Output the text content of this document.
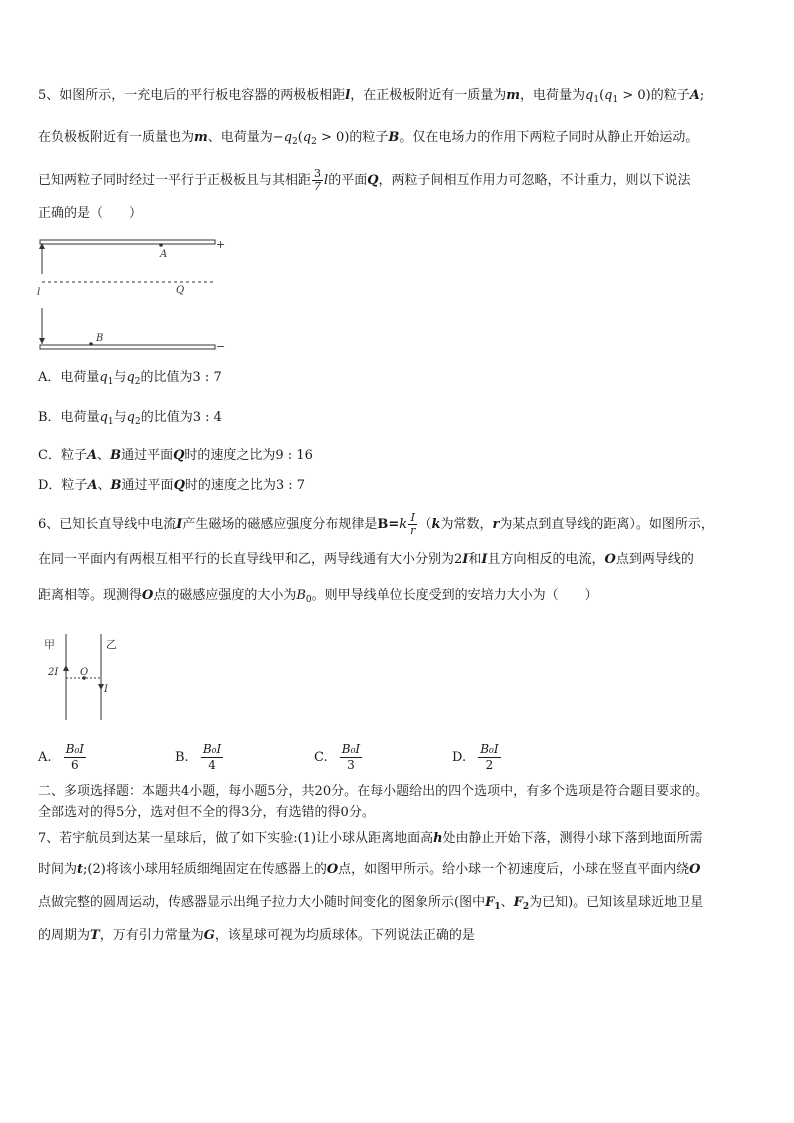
5、如图所示，一充电后的平行板电容器的两极板相距l，在正极板附近有一质量为m，电荷量为$q_1(q_1 > 0)$的粒子A;
在负极板附近有一质量也为m、电荷量为$-q_2(q_2 > 0)$的粒子B。仅在电场力的作用下两粒子同时从静止开始运动。
已知两粒子同时经过一平行于正极板且与其相距 $\frac{3}{7}$ l的平面Q，两粒子间相互作用力可忽略，不计重力，则以下说法
正确的是（　　）
+
A
l	Q
B
−
A．电荷量$q_1$与$q_2$的比值为3 : 7
B．电荷量$q_1$与$q_2$的比值为3 : 4
C．粒子A、B通过平面Q时的速度之比为9 : 16
D．粒子A、B通过平面Q时的速度之比为3 : 7
6、已知长直导线中电流I产生磁场的磁感应强度分布规律是$B=k \frac{I}{r} (k$为常数，r为某点到直导线的距离）。如图所示，
在同一平面内有两根互相平行的长直导线甲和乙，两导线通有大小分别为2I和I且方向相反的电流，O点到两导线的
距离相等。现测得O点的磁感应强度的大小为$B_0$。则甲导线单位长度受到的安培力大小为（　　）
甲	乙
2I O
I
A. $\frac{\text{B₀I}}{6}$	B. $\frac{\text{B₀I}}{4}$	C. $\frac{\text{B₀I}}{3}$	D. $\frac{\text{B₀I}}{2}$
二、多项选择题：本题共4小题，每小题5分，共20分。在每小题给出的四个选项中，有多个选项是符合题目要求的。
全部选对的得5分，选对但不全的得3分，有选错的得0分。
7、若宇航员到达某一星球后，做了如下实验:(1)让小球从距离地面高h处由静止开始下落，测得小球下落到地面所需
时间为t;(2)将该小球用轻质细绳固定在传感器上的O点，如图甲所示。给小球一个初速度后，小球在竖直平面内绕O
点做完整的圆周运动，传感器显示出绳子拉力大小随时间变化的图象所示(图中$F_1$、$F_2$为已知)。已知该星球近地卫星
的周期为T，万有引力常量为G，该星球可视为均质球体。下列说法正确的是
